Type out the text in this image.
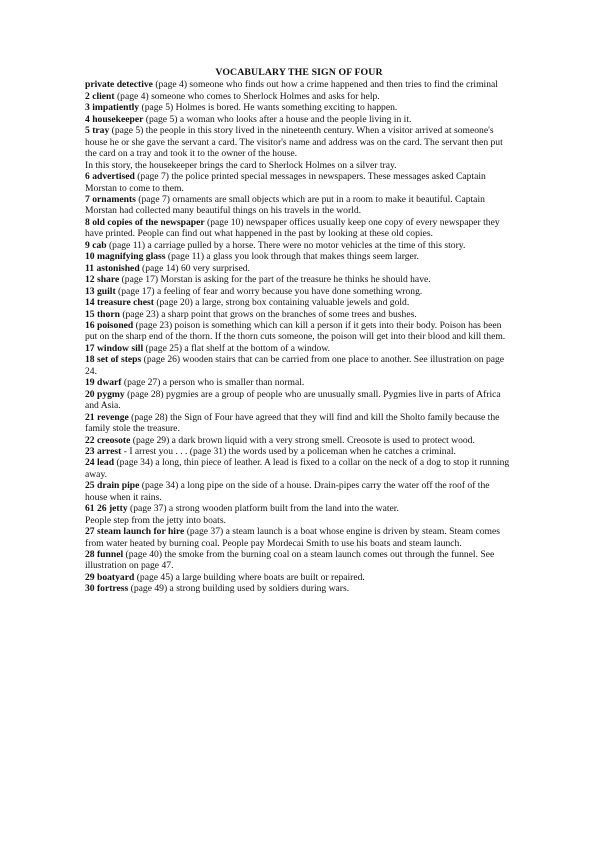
VOCABULARY THE SIGN OF FOUR

private detective (page 4) someone who finds out how a crime happened and then tries to find the criminal

2 client (page 4) someone who comes to Sherlock Holmes and asks for help.

3 impatiently (page 5) Holmes is bored. He wants something exciting to happen.

4 housekeeper (page 5) a woman who looks after a house and the people living in it.

5 tray (page 5) the people in this story lived in the nineteenth century. When a visitor arrived at someone's house he or she gave the servant a card. The visitor's name and address was on the card. The servant then put the card on a tray and took it to the owner of the house.

In this story, the housekeeper brings the card to Sherlock Holmes on a silver tray.

6 advertised (page 7) the police printed special messages in newspapers. These messages asked Captain Morstan to come to them.

7 ornaments (page 7) ornaments are small objects which are put in a room to make it beautiful. Captain Morstan had collected many beautiful things on his travels in the world.

8 old copies of the newspaper (page 10) newspaper offices usually keep one copy of every newspaper they have printed. People can find out what happened in the past by looking at these old copies.

9 cab (page 11) a carriage pulled by a horse. There were no motor vehicles at the time of this story.

10 magnifying glass (page 11) a glass you look through that makes things seem larger.

11 astonished (page 14) 60 very surprised.

12 share (page 17) Morstan is asking for the part of the treasure he thinks he should have.

13 guilt (page 17) a feeling of fear and worry because you have done something wrong.

14 treasure chest (page 20) a large, strong box containing valuable jewels and gold.

15 thorn (page 23) a sharp point that grows on the branches of some trees and bushes.

16 poisoned (page 23) poison is something which can kill a person if it gets into their body. Poison has been put on the sharp end of the thorn. If the thorn cuts someone, the poison will get into their blood and kill them.

17 window sill (page 25) a flat shelf at the bottom of a window.

18 set of steps (page 26) wooden stairs that can be carried from one place to another. See illustration on page 24.

19 dwarf (page 27) a person who is smaller than normal.

20 pygmy (page 28) pygmies are a group of people who are unusually small. Pygmies live in parts of Africa and Asia.

21 revenge (page 28) the Sign of Four have agreed that they will find and kill the Sholto family because the family stole the treasure.

22 creosote (page 29) a dark brown liquid with a very strong smell. Creosote is used to protect wood.

23 arrest - I arrest you . . . (page 31) the words used by a policeman when he catches a criminal.

24 lead (page 34) a long, thin piece of leather. A lead is fixed to a collar on the neck of a dog to stop it running away.

25 drain pipe (page 34) a long pipe on the side of a house. Drain-pipes carry the water off the roof of the house when it rains.

61 26 jetty (page 37) a strong wooden platform built from the land into the water.

People step from the jetty into boats.

27 steam launch for hire (page 37) a steam launch is a boat whose engine is driven by steam. Steam comes from water heated by burning coal. People pay Mordecai Smith to use his boats and steam launch.

28 funnel (page 40) the smoke from the burning coal on a steam launch comes out through the funnel. See illustration on page 47.

29 boatyard (page 45) a large building where boats are built or repaired.

30 fortress (page 49) a strong building used by soldiers during wars.
